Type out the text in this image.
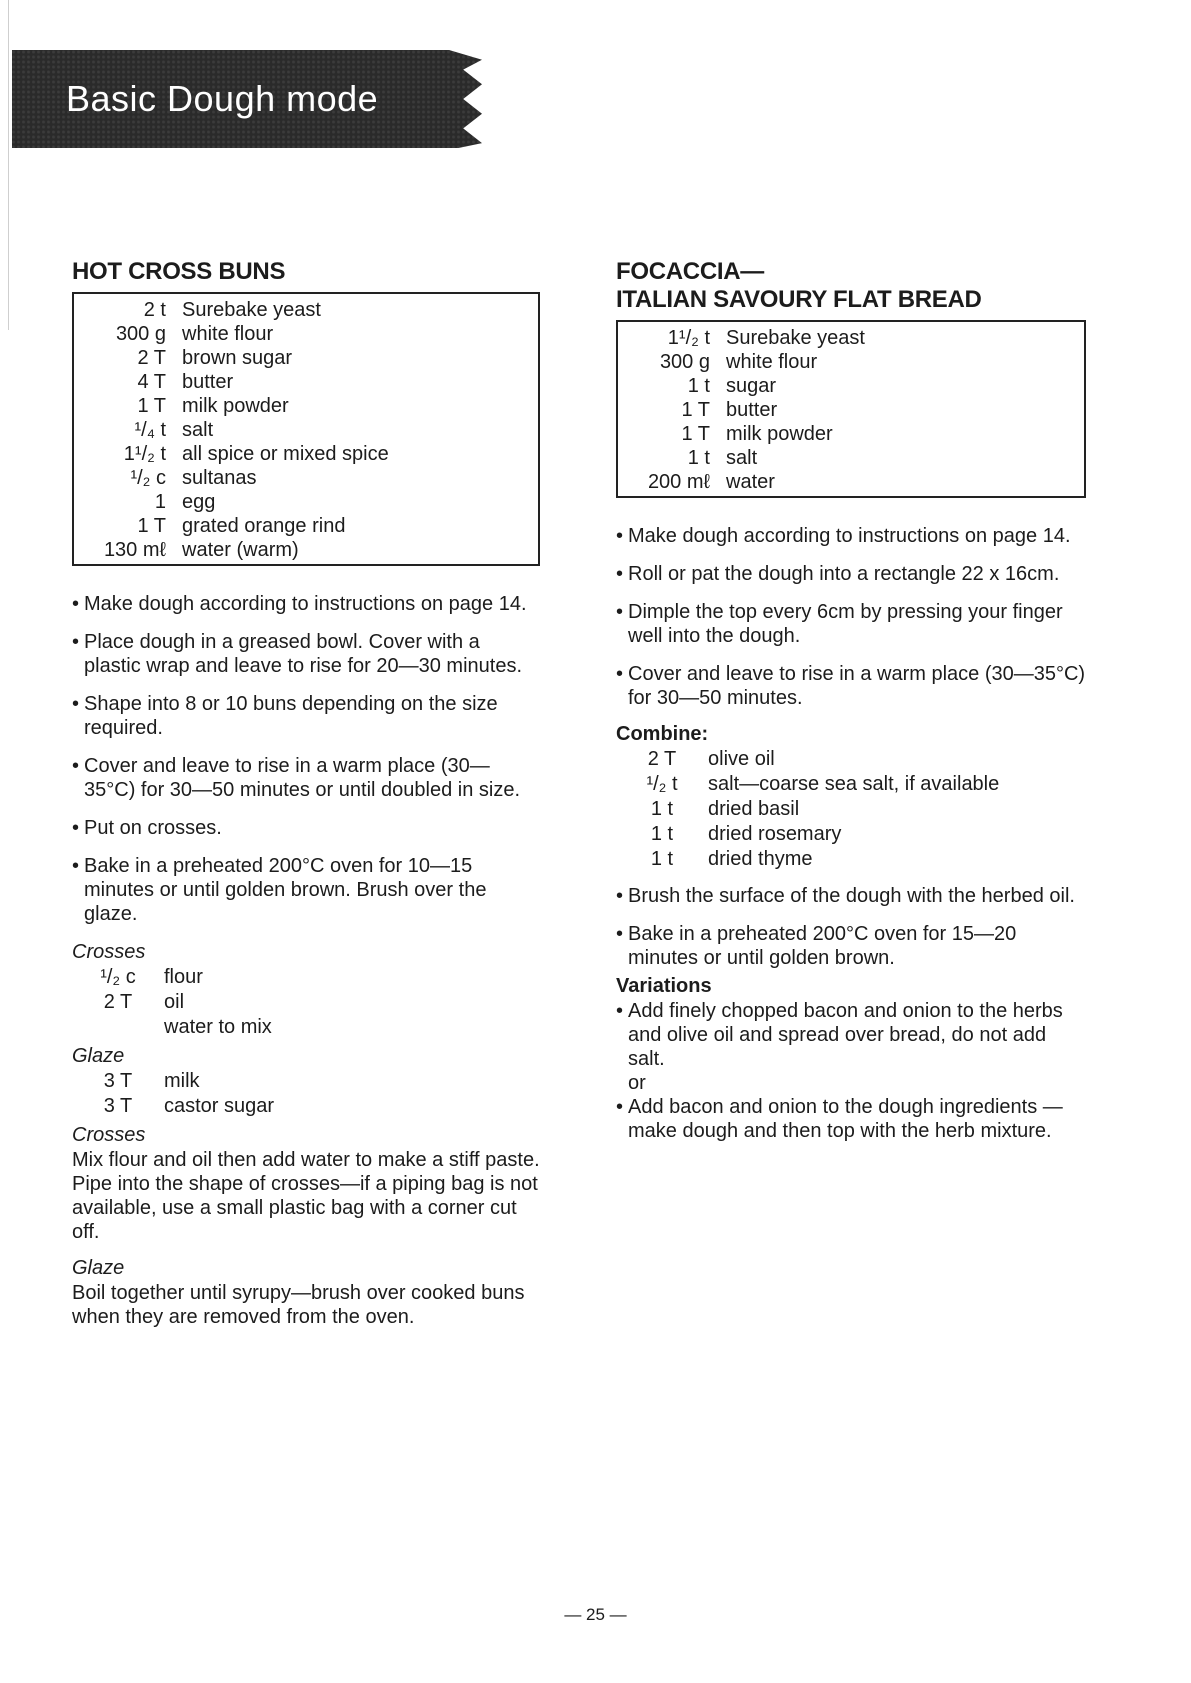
Basic Dough mode
HOT CROSS BUNS
2 t Surebake yeast
300 g white flour
2 T brown sugar
4 T butter
1 T milk powder
¹/₄ t salt
1¹/₂ t all spice or mixed spice
¹/₂ c sultanas
1 egg
1 T grated orange rind
130 mℓ water (warm)
• Make dough according to instructions on page 14.
• Place dough in a greased bowl. Cover with a plastic wrap and leave to rise for 20—30 minutes.
• Shape into 8 or 10 buns depending on the size required.
• Cover and leave to rise in a warm place (30—35°C) for 30—50 minutes or until doubled in size.
• Put on crosses.
• Bake in a preheated 200°C oven for 10—15 minutes or until golden brown. Brush over the glaze.
Crosses
¹/₂ c	flour
2 T	oil
water to mix
Glaze
3 T	milk
3 T	castor sugar
Crosses
Mix flour and oil then add water to make a stiff paste. Pipe into the shape of crosses—if a piping bag is not available, use a small plastic bag with a corner cut off.
Glaze
Boil together until syrupy—brush over cooked buns when they are removed from the oven.
FOCACCIA—
ITALIAN SAVOURY FLAT BREAD
1¹/₂ t Surebake yeast
300 g white flour
1 t sugar
1 T butter
1 T milk powder
1 t salt
200 mℓ water
• Make dough according to instructions on page 14.
• Roll or pat the dough into a rectangle 22 x 16cm.
• Dimple the top every 6cm by pressing your finger well into the dough.
• Cover and leave to rise in a warm place (30—35°C) for 30—50 minutes.
Combine:
2 T	olive oil
¹/₂ t	salt—coarse sea salt, if available
1 t	dried basil
1 t	dried rosemary
1 t	dried thyme
• Brush the surface of the dough with the herbed oil.
• Bake in a preheated 200°C oven for 15—20 minutes or until golden brown.
Variations
• Add finely chopped bacon and onion to the herbs and olive oil and spread over bread, do not add salt.
or
• Add bacon and onion to the dough ingredients —make dough and then top with the herb mixture.
— 25 —
